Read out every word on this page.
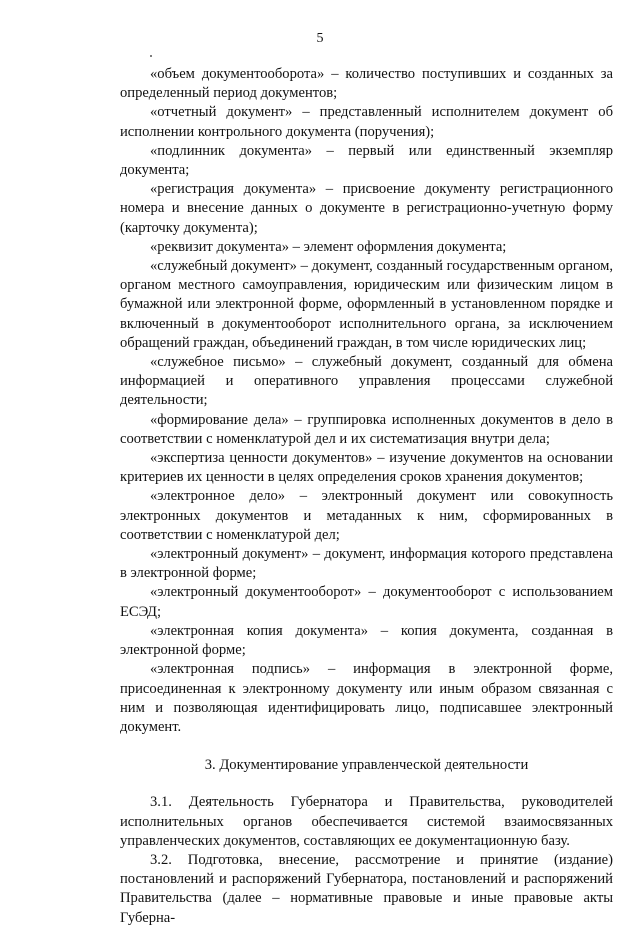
5

«объем документооборота» – количество поступивших и созданных за определенный период документов;

«отчетный документ» – представленный исполнителем документ об исполнении контрольного документа (поручения);

«подлинник документа» – первый или единственный экземпляр документа;

«регистрация документа» – присвоение документу регистрационного номера и внесение данных о документе в регистрационно-учетную форму (карточку документа);

«реквизит документа» – элемент оформления документа;

«служебный документ» – документ, созданный государственным органом, органом местного самоуправления, юридическим или физическим лицом в бумажной или электронной форме, оформленный в установленном порядке и включенный в документооборот исполнительного органа, за исключением обращений граждан, объединений граждан, в том числе юридических лиц;

«служебное письмо» – служебный документ, созданный для обмена информацией и оперативного управления процессами служебной деятельности;

«формирование дела» – группировка исполненных документов в дело в соответствии с номенклатурой дел и их систематизация внутри дела;

«экспертиза ценности документов» – изучение документов на основании критериев их ценности в целях определения сроков хранения документов;

«электронное дело» – электронный документ или совокупность электронных документов и метаданных к ним, сформированных в соответствии с номенклатурой дел;

«электронный документ» – документ, информация которого представлена в электронной форме;

«электронный документооборот» – документооборот с использованием ЕСЭД;

«электронная копия документа» – копия документа, созданная в электронной форме;

«электронная подпись» – информация в электронной форме, присоединенная к электронному документу или иным образом связанная с ним и позволяющая идентифицировать лицо, подписавшее электронный документ.

3. Документирование управленческой деятельности

3.1. Деятельность Губернатора и Правительства, руководителей исполнительных органов обеспечивается системой взаимосвязанных управленческих документов, составляющих ее документационную базу.

3.2. Подготовка, внесение, рассмотрение и принятие (издание) постановлений и распоряжений Губернатора, постановлений и распоряжений Правительства (далее – нормативные правовые и иные правовые акты Губерна-
